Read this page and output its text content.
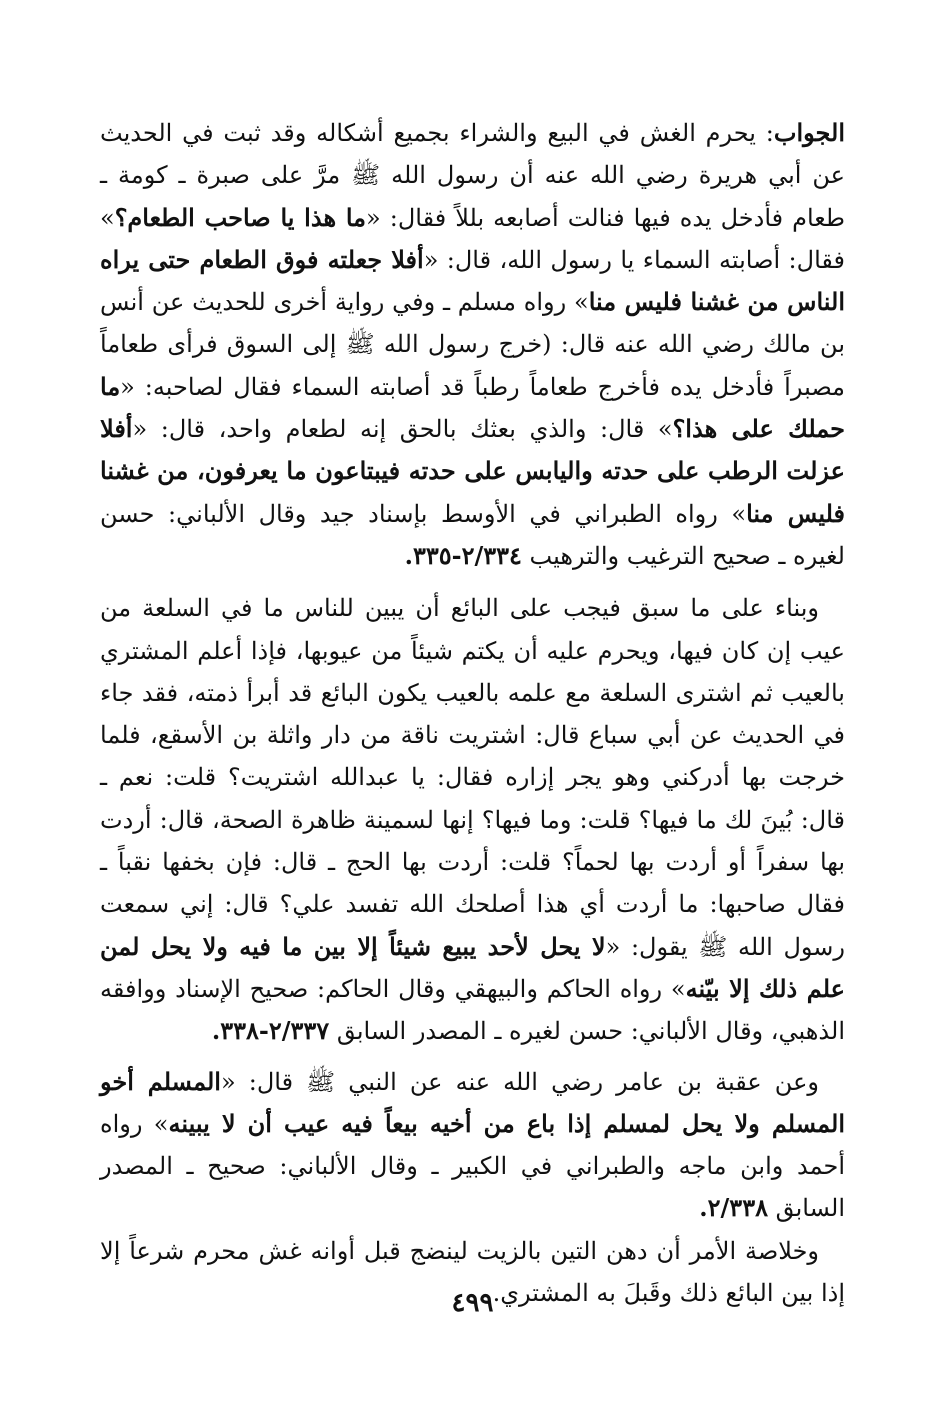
الجواب: يحرم الغش في البيع والشراء بجميع أشكاله وقد ثبت في الحديث عن أبي هريرة رضي الله عنه أن رسول الله ﷺ مرَّ على صبرة ـ كومة ـ طعام فأدخل يده فيها فنالت أصابعه بللاً فقال: «ما هذا يا صاحب الطعام؟» فقال: أصابته السماء يا رسول الله، قال: «أفلا جعلته فوق الطعام حتى يراه الناس من غشنا فليس منا» رواه مسلم ـ وفي رواية أخرى للحديث عن أنس بن مالك رضي الله عنه قال: (خرج رسول الله ﷺ إلى السوق فرأى طعاماً مصبراً فأدخل يده فأخرج طعاماً رطباً قد أصابته السماء فقال لصاحبه: «ما حملك على هذا؟» قال: والذي بعثك بالحق إنه لطعام واحد، قال: «أفلا عزلت الرطب على حدته واليابس على حدته فيبتاعون ما يعرفون، من غشنا فليس منا» رواه الطبراني في الأوسط بإسناد جيد وقال الألباني: حسن لغيره ـ صحيح الترغيب والترهيب ٢/٣٣٤-٣٣٥.

وبناء على ما سبق فيجب على البائع أن يبين للناس ما في السلعة من عيب إن كان فيها، ويحرم عليه أن يكتم شيئاً من عيوبها، فإذا أعلم المشتري بالعيب ثم اشترى السلعة مع علمه بالعيب يكون البائع قد أبرأ ذمته، فقد جاء في الحديث عن أبي سباع قال: اشتريت ناقة من دار واثلة بن الأسقع، فلما خرجت بها أدركني وهو يجر إزاره فقال: يا عبدالله اشتريت؟ قلت: نعم ـ قال: بُينَ لك ما فيها؟ قلت: وما فيها؟ إنها لسمينة ظاهرة الصحة، قال: أردت بها سفراً أو أردت بها لحماً؟ قلت: أردت بها الحج ـ قال: فإن بخفها نقباً ـ فقال صاحبها: ما أردت أي هذا أصلحك الله تفسد علي؟ قال: إني سمعت رسول الله ﷺ يقول: «لا يحل لأحد يبيع شيئاً إلا بين ما فيه ولا يحل لمن علم ذلك إلا بيّنه» رواه الحاكم والبيهقي وقال الحاكم: صحيح الإسناد ووافقه الذهبي، وقال الألباني: حسن لغيره ـ المصدر السابق ٢/٣٣٧-٣٣٨.

وعن عقبة بن عامر رضي الله عنه عن النبي ﷺ قال: «المسلم أخو المسلم ولا يحل لمسلم إذا باع من أخيه بيعاً فيه عيب أن لا يبينه» رواه أحمد وابن ماجه والطبراني في الكبير ـ وقال الألباني: صحيح ـ المصدر السابق ٢/٣٣٨.

وخلاصة الأمر أن دهن التين بالزيت لينضج قبل أوانه غش محرم شرعاً إلا إذا بين البائع ذلك وقَبلَ به المشتري.

٤٩٩
